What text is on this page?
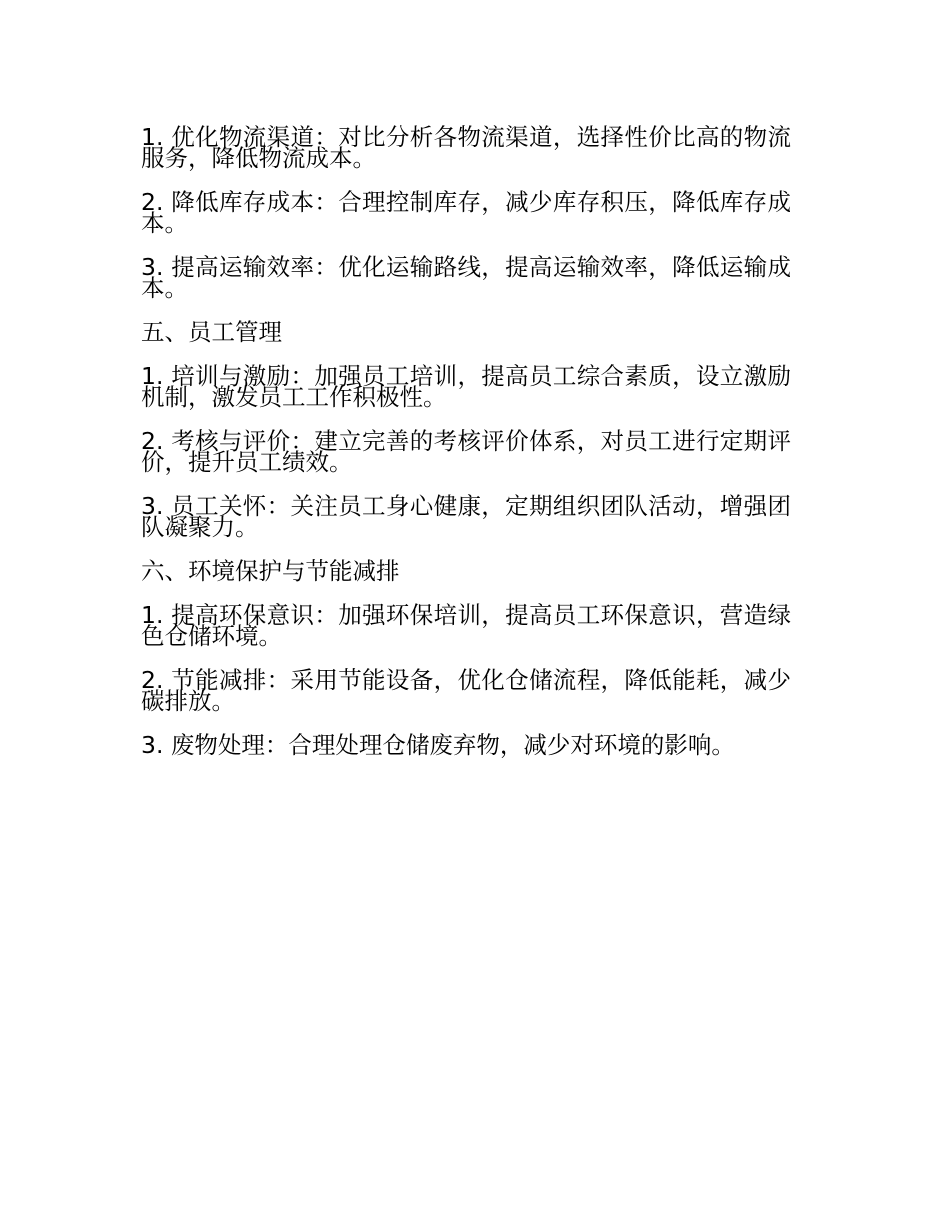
1. 优化物流渠道：对比分析各物流渠道，选择性价比高的物流服务，降低物流成本。

2. 降低库存成本：合理控制库存，减少库存积压，降低库存成本。

3. 提高运输效率：优化运输路线，提高运输效率，降低运输成本。

五、员工管理

1. 培训与激励：加强员工培训，提高员工综合素质，设立激励机制，激发员工工作积极性。

2. 考核与评价：建立完善的考核评价体系，对员工进行定期评价，提升员工绩效。

3. 员工关怀：关注员工身心健康，定期组织团队活动，增强团队凝聚力。

六、环境保护与节能减排

1. 提高环保意识：加强环保培训，提高员工环保意识，营造绿色仓储环境。

2. 节能减排：采用节能设备，优化仓储流程，降低能耗，减少碳排放。

3. 废物处理：合理处理仓储废弃物，减少对环境的影响。
